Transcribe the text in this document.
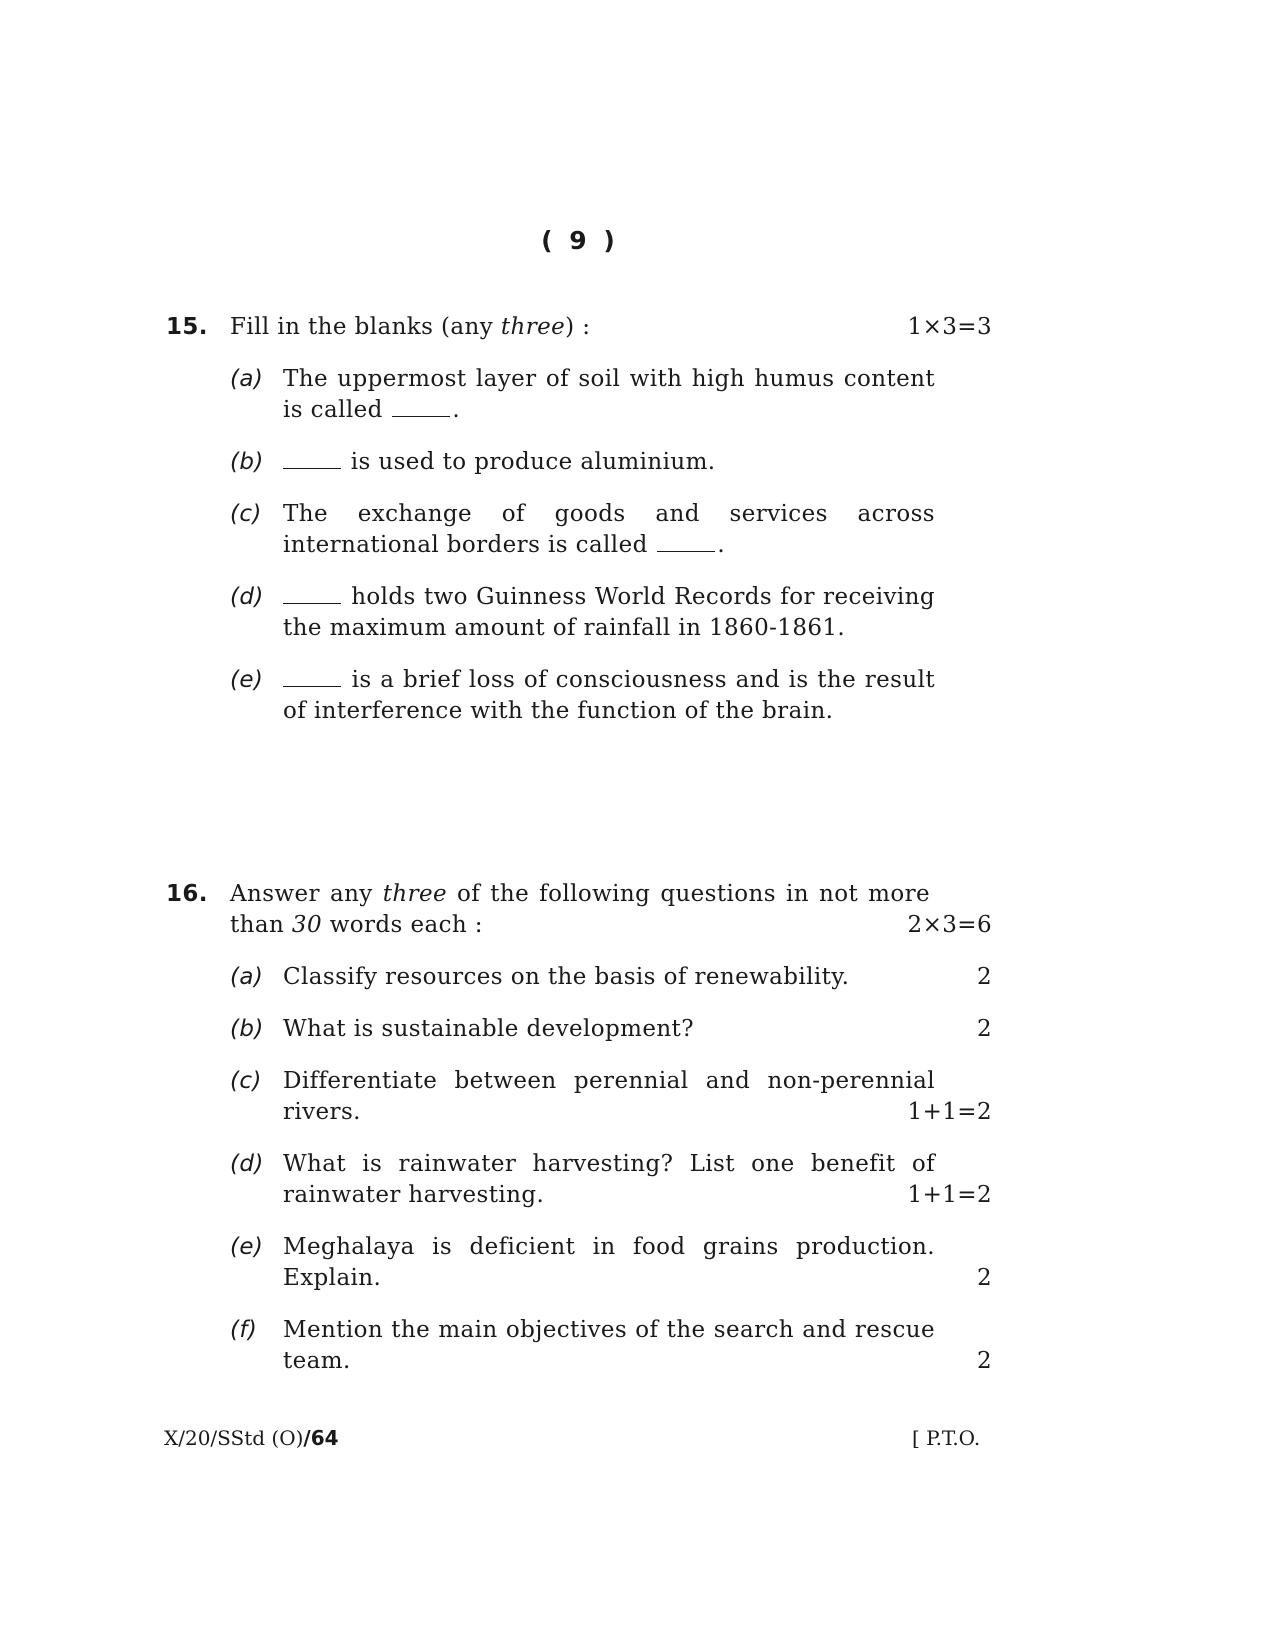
( 9 )
15. Fill in the blanks (any three) :	1×3=3
(a) The uppermost layer of soil with high humus content is called	.
(b)	is used to produce aluminium.
(c) The exchange of goods and services across international borders is called	.
(d)	holds two Guinness World Records for receiving the maximum amount of rainfall in 1860-1861.
(e)	is a brief loss of consciousness and is the result of interference with the function of the brain.
16. Answer any three of the following questions in not more than 30 words each :	2×3=6
(a) Classify resources on the basis of renewability.	2
(b) What is sustainable development?	2
(c) Differentiate between perennial and non-perennial rivers.	1+1=2
(d) What is rainwater harvesting? List one benefit of rainwater harvesting.	1+1=2
(e) Meghalaya is deficient in food grains production. Explain.	2
(f) Mention the main objectives of the search and rescue team.	2
X/20/SStd (O)/64	[ P.T.O.
